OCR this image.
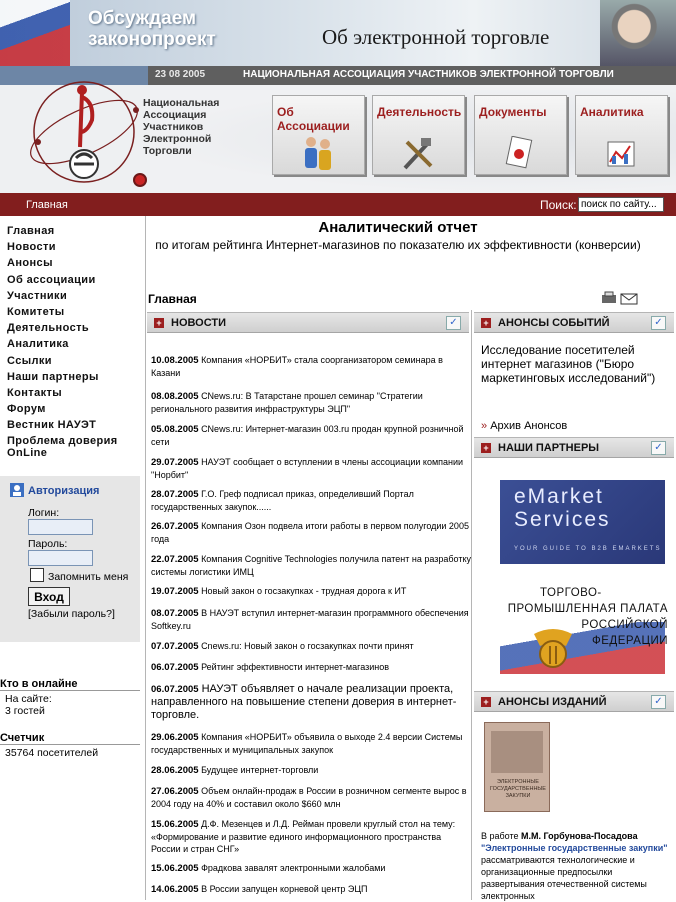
Обсуждаем
законопроект	Об электронной торговле
23 08 2005	НАЦИОНАЛЬНАЯ АССОЦИАЦИЯ УЧАСТНИКОВ ЭЛЕКТРОННОЙ ТОРГОВЛИ
Национальная
Ассоциация
Участников
Электронной
Торговли
Об Ассоциации
Деятельность Документы	Аналитика
Главная	Поиск:
поиск по сайту...
Главная
Новости
Анонсы
Об ассоциации
Участники
Комитеты
Деятельность
Аналитика
Ссылки
Наши партнеры
Контакты
Форум
Вестник НАУЭТ
Проблема доверия OnLine
Авторизация
Логин:
Пароль:
Запомнить меня
Вход
[Забыли пароль?]
Кто в онлайне
На сайте:
3 гостей
Счетчик
35764 посетителей
Аналитический отчет
по итогам рейтинга Интернет-магазинов по показателю их эффективности (конверсии)
Главная
+ НОВОСТИ	✓
10.08.2005 Компания «НОРБИТ» стала соорганизатором семинара в Казани
08.08.2005 CNews.ru: В Татарстане прошел семинар "Стратегии регионального развития инфраструктуры ЭЦП"
05.08.2005 CNews.ru: Интернет-магазин 003.ru продан крупной розничной сети
29.07.2005 НАУЭТ сообщает о вступлении в члены ассоциации компании "Норбит"
28.07.2005 Г.О. Греф подписал приказ, определивший Портал государственных закупок......
26.07.2005 Компания Озон подвела итоги работы в первом полугодии 2005 года
22.07.2005 Компания Cognitive Technologies получила патент на разработку системы логистики ИМЦ
19.07.2005 Новый закон о госзакупках - трудная дорога к ИТ
08.07.2005 В НАУЭТ вступил интернет-магазин программного обеспечения Softkey.ru
07.07.2005 Cnews.ru: Новый закон о госзакупках почти принят
06.07.2005 Рейтинг эффективности интернет-магазинов
06.07.2005 НАУЭТ объявляет о начале реализации проекта, направленного на повышение степени доверия в интернет-торговле.
29.06.2005 Компания «НОРБИТ» объявила о выходе 2.4 версии Системы государственных и муниципальных закупок
28.06.2005 Будущее интернет-торговли
27.06.2005 Объем онлайн-продаж в России в розничном сегменте вырос в 2004 году на 40% и составил около $660 млн
15.06.2005 Д.Ф. Мезенцев и Л.Д. Рейман провели круглый стол на тему: «Формирование и развитие единого информационного пространства России и стран СНГ»
15.06.2005 Фрадкова завалят электронными жалобами
14.06.2005 В России запущен корневой центр ЭЦП
+ АНОНСЫ СОБЫТИЙ	✓
Исследование посетителей интернет магазинов ("Бюро маркетинговых исследований")
» Архив Анонсов
+ НАШИ ПАРТНЕРЫ	✓
eMarket
Services
YOUR GUIDE TO B2B EMARKETS
ТОРГОВО-
ПРОМЫШЛЕННАЯ ПАЛАТА
РОССИЙСКОЙ
ФЕДЕРАЦИИ
+ АНОНСЫ ИЗДАНИЙ	✓
ЭЛЕКТРОННЫЕ ГОСУДАРСТВЕННЫЕ ЗАКУПКИ
В работе М.М. Горбунова-Посадова "Электронные государственные закупки" рассматриваются технологические и организационные предпосылки развертывания отечественной системы электронных
